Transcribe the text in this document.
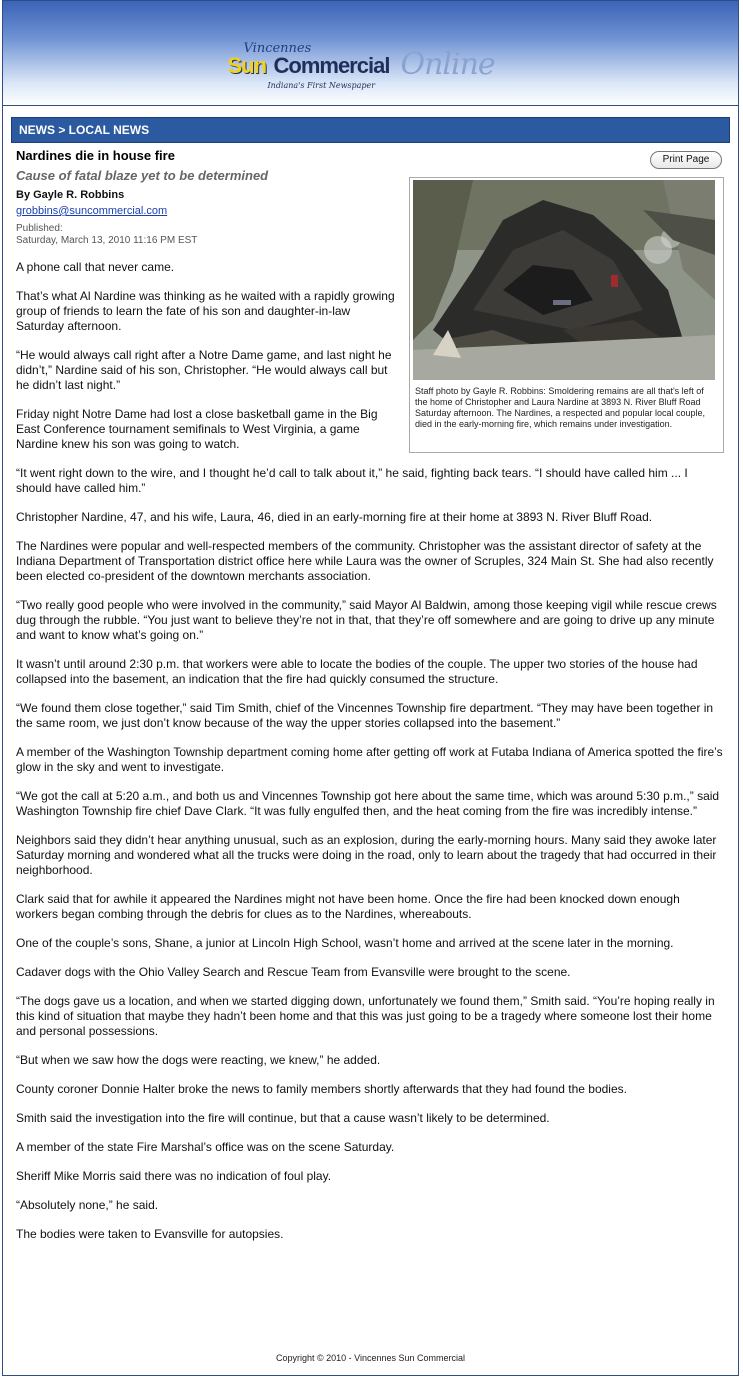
Vincennes
Sun Commercial Online
Indiana's First Newspaper
NEWS > LOCAL NEWS
Print Page
Nardines die in house fire
Cause of fatal blaze yet to be determined
By Gayle R. Robbins
grobbins@suncommercial.com
Published:
Saturday, March 13, 2010 11:16 PM EST
Staff photo by Gayle R. Robbins: Smoldering remains are all that's left of the home of Christopher and Laura Nardine at 3893 N. River Bluff Road Saturday afternoon. The Nardines, a respected and popular local couple, died in the early-morning fire, which remains under investigation.

A phone call that never came.

That’s what Al Nardine was thinking as he waited with a rapidly growing group of friends to learn the fate of his son and daughter-in-law Saturday afternoon.

“He would always call right after a Notre Dame game, and last night he didn’t,” Nardine said of his son, Christopher. “He would always call but he didn’t last night.”

Friday night Notre Dame had lost a close basketball game in the Big East Conference tournament semifinals to West Virginia, a game Nardine knew his son was going to watch.

“It went right down to the wire, and I thought he’d call to talk about it,” he said, fighting back tears. “I should have called him ... I should have called him.”

Christopher Nardine, 47, and his wife, Laura, 46, died in an early-morning fire at their home at 3893 N. River Bluff Road.

The Nardines were popular and well-respected members of the community. Christopher was the assistant director of safety at the Indiana Department of Transportation district office here while Laura was the owner of Scruples, 324 Main St. She had also recently been elected co-president of the downtown merchants association.

“Two really good people who were involved in the community,” said Mayor Al Baldwin, among those keeping vigil while rescue crews dug through the rubble. “You just want to believe they’re not in that, that they’re off somewhere and are going to drive up any minute and want to know what’s going on.”

It wasn’t until around 2:30 p.m. that workers were able to locate the bodies of the couple. The upper two stories of the house had collapsed into the basement, an indication that the fire had quickly consumed the structure.

“We found them close together,” said Tim Smith, chief of the Vincennes Township fire department. “They may have been together in the same room, we just don’t know because of the way the upper stories collapsed into the basement.”

A member of the Washington Township department coming home after getting off work at Futaba Indiana of America spotted the fire’s glow in the sky and went to investigate.

“We got the call at 5:20 a.m., and both us and Vincennes Township got here about the same time, which was around 5:30 p.m.,” said Washington Township fire chief Dave Clark. “It was fully engulfed then, and the heat coming from the fire was incredibly intense.”

Neighbors said they didn’t hear anything unusual, such as an explosion, during the early-morning hours. Many said they awoke later Saturday morning and wondered what all the trucks were doing in the road, only to learn about the tragedy that had occurred in their neighborhood.

Clark said that for awhile it appeared the Nardines might not have been home. Once the fire had been knocked down enough workers began combing through the debris for clues as to the Nardines, whereabouts.

One of the couple’s sons, Shane, a junior at Lincoln High School, wasn’t home and arrived at the scene later in the morning.

Cadaver dogs with the Ohio Valley Search and Rescue Team from Evansville were brought to the scene.

“The dogs gave us a location, and when we started digging down, unfortunately we found them,” Smith said. “You’re hoping really in this kind of situation that maybe they hadn’t been home and that this was just going to be a tragedy where someone lost their home and personal possessions.

“But when we saw how the dogs were reacting, we knew,” he added.

County coroner Donnie Halter broke the news to family members shortly afterwards that they had found the bodies.

Smith said the investigation into the fire will continue, but that a cause wasn’t likely to be determined.

A member of the state Fire Marshal’s office was on the scene Saturday.

Sheriff Mike Morris said there was no indication of foul play.

“Absolutely none,” he said.

The bodies were taken to Evansville for autopsies.

Copyright © 2010 - Vincennes Sun Commercial
